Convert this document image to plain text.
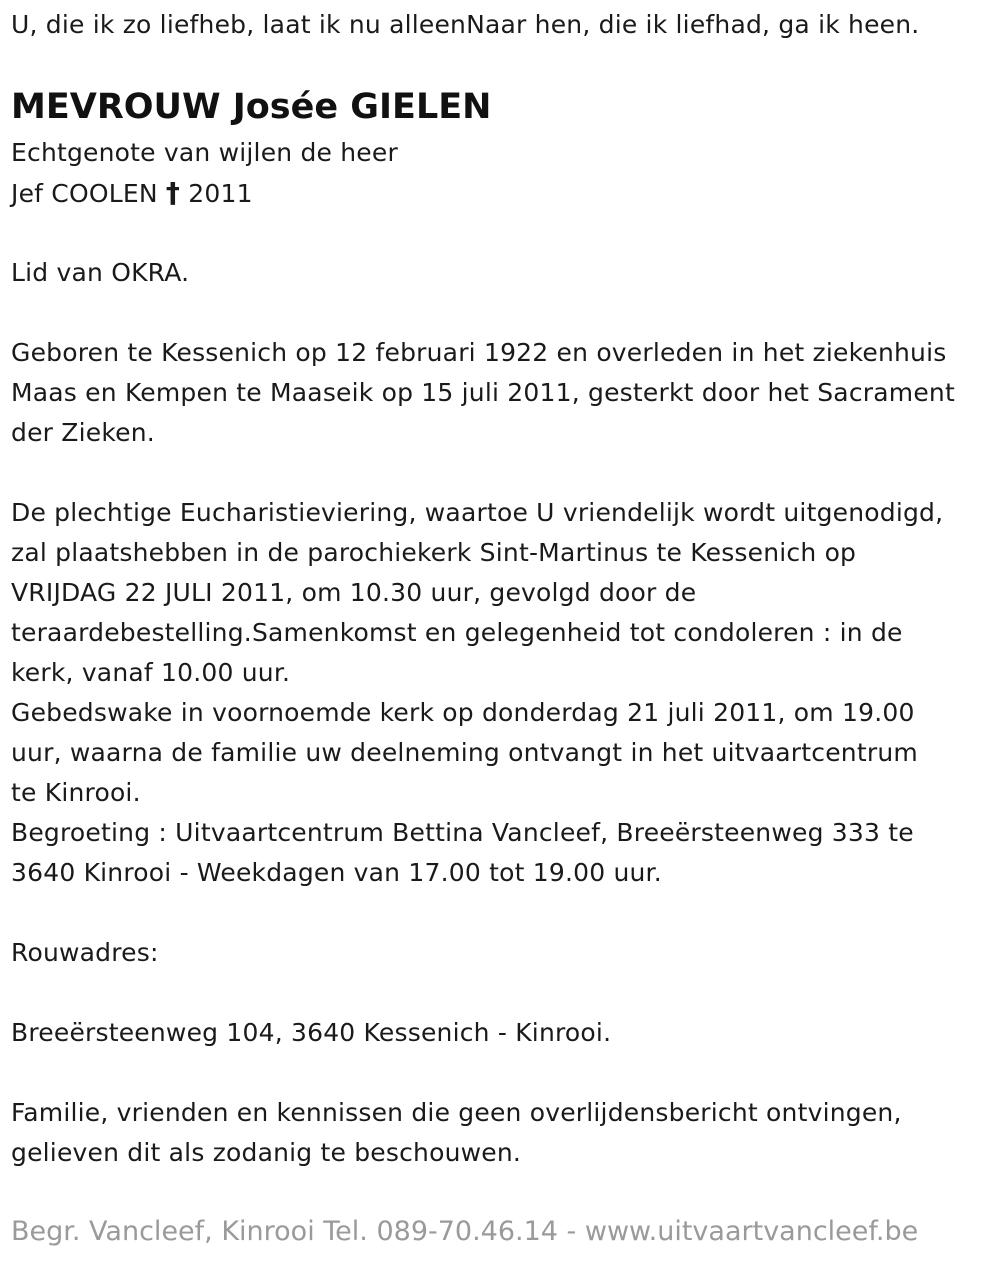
U, die ik zo liefheb, laat ik nu alleenNaar hen, die ik liefhad, ga ik heen.
MEVROUW Josée GIELEN
Echtgenote van wijlen de heer
Jef COOLEN † 2011
Lid van OKRA.
Geboren te Kessenich op 12 februari 1922 en overleden in het ziekenhuis
Maas en Kempen te Maaseik op 15 juli 2011, gesterkt door het Sacrament
der Zieken.
De plechtige Eucharistieviering, waartoe U vriendelijk wordt uitgenodigd,
zal plaatshebben in de parochiekerk Sint-Martinus te Kessenich op
VRIJDAG 22 JULI 2011, om 10.30 uur, gevolgd door de
teraardebestelling.Samenkomst en gelegenheid tot condoleren : in de
kerk, vanaf 10.00 uur.
Gebedswake in voornoemde kerk op donderdag 21 juli 2011, om 19.00
uur, waarna de familie uw deelneming ontvangt in het uitvaartcentrum
te Kinrooi.
Begroeting : Uitvaartcentrum Bettina Vancleef, Breeërsteenweg 333 te
3640 Kinrooi - Weekdagen van 17.00 tot 19.00 uur.
Rouwadres:
Breeërsteenweg 104, 3640 Kessenich - Kinrooi.
Familie, vrienden en kennissen die geen overlijdensbericht ontvingen,
gelieven dit als zodanig te beschouwen.
Begr. Vancleef, Kinrooi Tel. 089-70.46.14 - www.uitvaartvancleef.be
